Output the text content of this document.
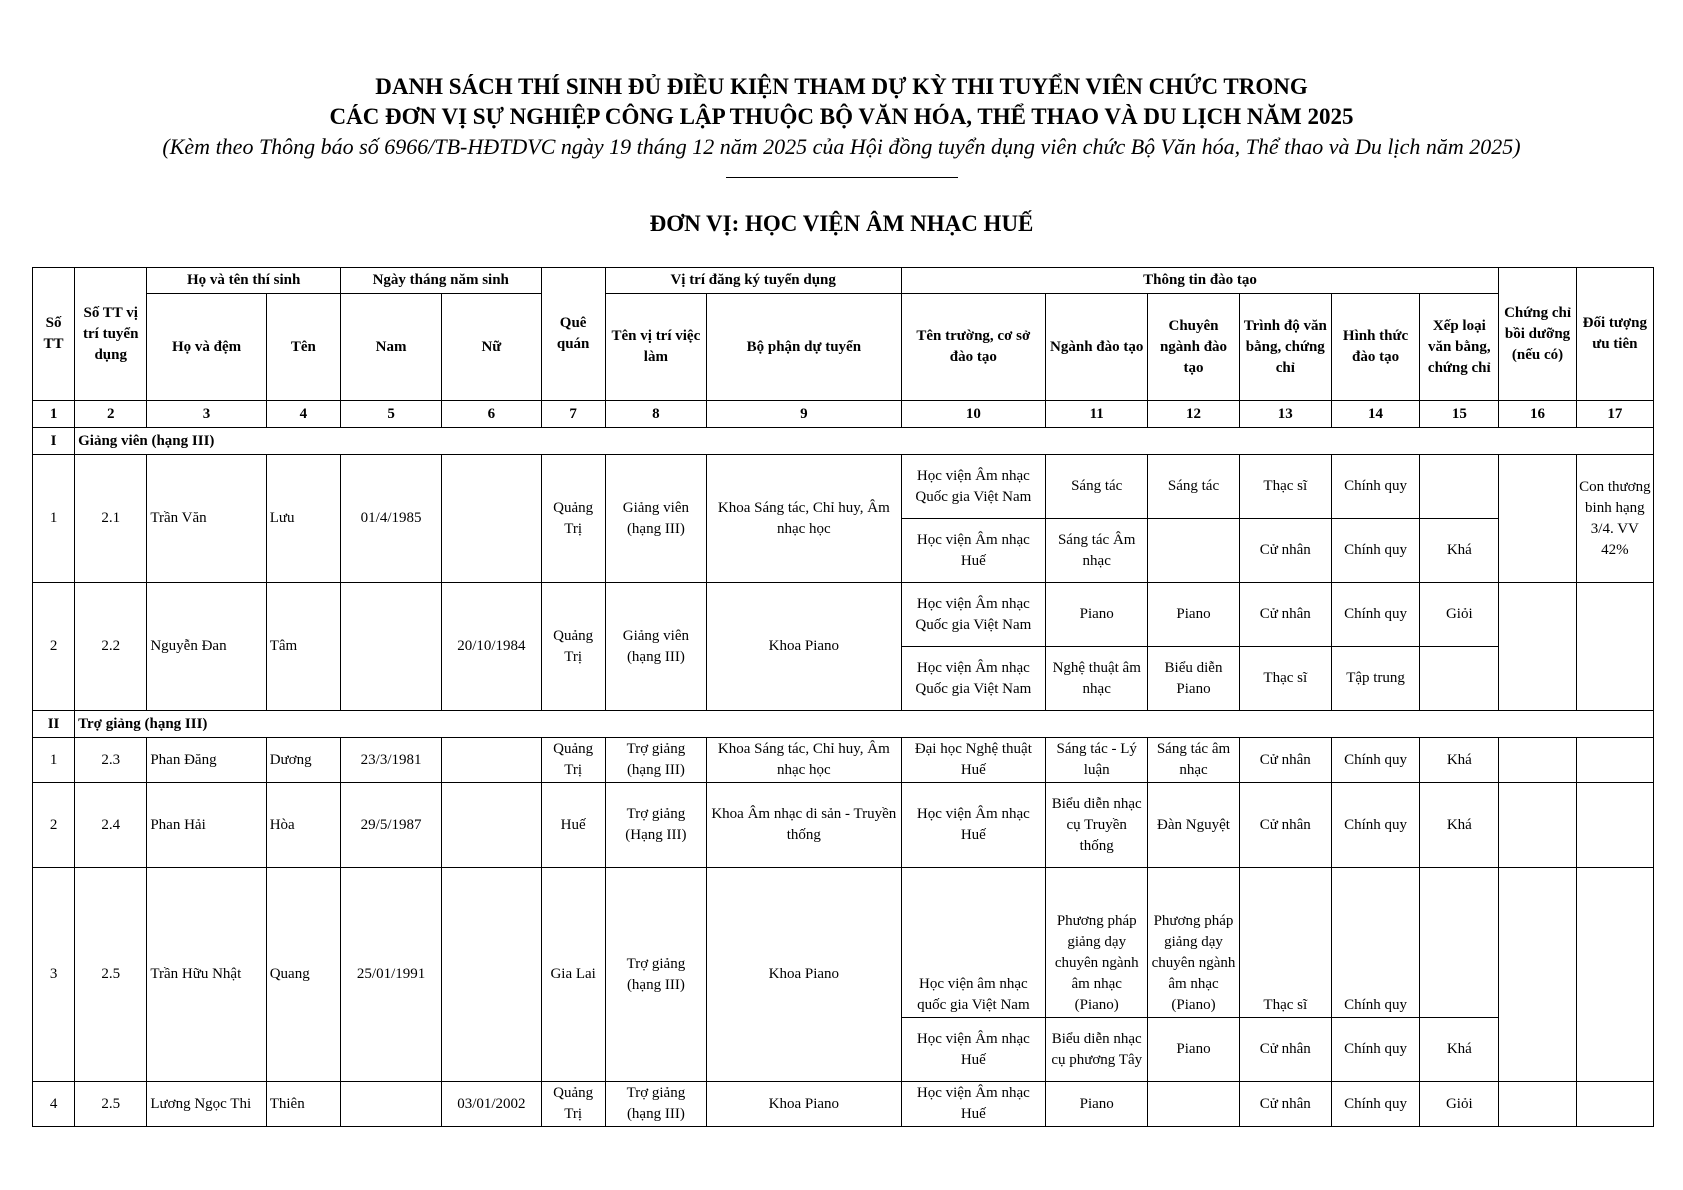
DANH SÁCH THÍ SINH ĐỦ ĐIỀU KIỆN THAM DỰ KỲ THI TUYỂN VIÊN CHỨC TRONG
CÁC ĐƠN VỊ SỰ NGHIỆP CÔNG LẬP THUỘC BỘ VĂN HÓA, THỂ THAO VÀ DU LỊCH NĂM 2025
(Kèm theo Thông báo số 6966/TB-HĐTDVC ngày 19 tháng 12 năm 2025 của Hội đồng tuyển dụng viên chức Bộ Văn hóa, Thể thao và Du lịch năm 2025)
ĐƠN VỊ: HỌC VIỆN ÂM NHẠC HUẾ
Số TT	Số TT vị trí tuyển dụng	Họ và tên thí sinh		Ngày tháng năm sinh		Quê quán	Vị trí đăng ký tuyển dụng		Thông tin đào tạo						Chứng chỉ bồi dưỡng (nếu có)	Đối tượng ưu tiên
		Họ và đệm	Tên	Nam	Nữ		Tên vị trí việc làm	Bộ phận dự tuyển	Tên trường, cơ sở đào tạo	Ngành đào tạo	Chuyên ngành đào tạo	Trình độ văn bằng, chứng chỉ	Hình thức đào tạo	Xếp loại văn bằng, chứng chỉ		
1	2	3	4	5	6	7	8	9	10	11	12	13	14	15	16	17
I	Giảng viên (hạng III)															
1	2.1	Trần Văn	Lưu	01/4/1985		Quảng Trị	Giảng viên (hạng III)	Khoa Sáng tác, Chỉ huy, Âm nhạc học	Học viện Âm nhạc Quốc gia Việt Nam	Sáng tác	Sáng tác	Thạc sĩ	Chính quy			Con thương binh hạng 3/4. VV 42%
									Học viện Âm nhạc Huế	Sáng tác Âm nhạc		Cử nhân	Chính quy	Khá		
2	2.2	Nguyễn Đan	Tâm		20/10/1984	Quảng Trị	Giảng viên (hạng III)	Khoa Piano	Học viện Âm nhạc Quốc gia Việt Nam	Piano	Piano	Cử nhân	Chính quy	Giỏi		
									Học viện Âm nhạc Quốc gia Việt Nam	Nghệ thuật âm nhạc	Biểu diễn Piano	Thạc sĩ	Tập trung			
II	Trợ giảng (hạng III)															
1	2.3	Phan Đăng	Dương	23/3/1981		Quảng Trị	Trợ giảng (hạng III)	Khoa Sáng tác, Chỉ huy, Âm nhạc học	Đại học Nghệ thuật Huế	Sáng tác - Lý luận	Sáng tác âm nhạc	Cử nhân	Chính quy	Khá		
2	2.4	Phan Hải	Hòa	29/5/1987		Huế	Trợ giảng (Hạng III)	Khoa Âm nhạc di sản - Truyền thống	Học viện Âm nhạc Huế	Biểu diễn nhạc cụ Truyền thống	Đàn Nguyệt	Cử nhân	Chính quy	Khá		
3	2.5	Trần Hữu Nhật	Quang	25/01/1991		Gia Lai	Trợ giảng (hạng III)	Khoa Piano	Học viện âm nhạc quốc gia Việt Nam	Phương pháp giảng dạy chuyên ngành âm nhạc (Piano)	Phương pháp giảng dạy chuyên ngành âm nhạc (Piano)	Thạc sĩ	Chính quy			
									Học viện Âm nhạc Huế	Biểu diễn nhạc cụ phương Tây	Piano	Cử nhân	Chính quy	Khá		
4	2.5	Lương Ngọc Thi	Thiên		03/01/2002	Quảng Trị	Trợ giảng (hạng III)	Khoa Piano	Học viện Âm nhạc Huế	Piano		Cử nhân	Chính quy	Giỏi		
